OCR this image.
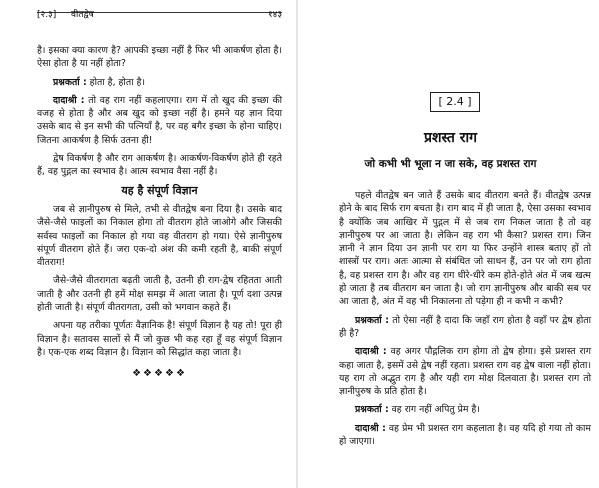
[२.३] वीतद्वेष	१४३

है। इसका क्या कारण है? आपकी इच्छा नहीं है फिर भी आकर्षण होता है। ऐसा होता है या नहीं होता?

प्रश्नकर्ता : होता है, होता है।

दादाश्री : तो वह राग नहीं कहलाएगा। राग में तो खुद की इच्छा की वजह से होता है और अब खुद को इच्छा नहीं है। हमने यह ज्ञान दिया उसके बाद से इन सभी की पत्नियाँ है, पर वह बगैर इच्छा के होना चाहिए। जितना आकर्षण है सिर्फ उतना ही!

द्वेष विकर्षण है और राग आकर्षण है। आकर्षण-विकर्षण होते ही रहते हैं, वह पुद्गल का स्वभाव है। आत्म स्वभाव वैसा नहीं है।

यह है संपूर्ण विज्ञान

जब से ज्ञानीपुरुष से मिले, तभी से वीतद्वेष बना दिया है। उसके बाद जैसे-जैसे फाइलों का निकाल होगा तो वीतराग होते जाओगे और जिसकी सर्वस्व फाइलों का निकाल हो गया वह वीतराग हो गया। ऐसे ज्ञानीपुरुष संपूर्ण वीतराग होते हैं। जरा एक-दो अंश की कमी रहती है, बाकी संपूर्ण वीतराग!

जैसे-जैसे वीतरागता बढ़ती जाती है, उतनी ही राग-द्वेष रहितता आती जाती है और उतनी ही हमें मोक्ष समझ में आता जाता है। पूर्ण दशा उत्पन्न होती जाती है। संपूर्ण वीतरागता, उसी को भगवान कहते हैं।

अपना यह तरीका पूर्णतः वैज्ञानिक है! संपूर्ण विज्ञान है यह तो! पूरा ही विज्ञान है। सतावस सालों से मैं जो कुछ भी कह रहा हूँ वह संपूर्ण विज्ञान है। एक-एक शब्द विज्ञान है। विज्ञान को सिद्धांत कहा जाता है।

❖❖❖❖❖
[ 2.4 ]
प्रशस्त राग
जो कभी भी भूला न जा सके, वह प्रशस्त राग

पहले वीतद्वेष बन जाते हैं उसके बाद वीतराग बनते हैं। वीतद्वेष उत्पन्न होने के बाद सिर्फ राग बचता है। राग बाद में ही जाता है, ऐसा उसका स्वभाव है क्योंकि जब आखिर में पुद्गल में से जब राग निकल जाता है तो वह ज्ञानीपुरुष पर आ जाता है। लेकिन वह राग भी कैसा? प्रशस्त राग। जिन ज्ञानी ने ज्ञान दिया उन ज्ञानी पर राग या फिर उन्होंने शास्त्र बताए हों तो शास्त्रों पर राग। अतः आत्मा से संबंधित जो साधन हैं, उन पर जो राग होता है, वह प्रशस्त राग है। और वह राग धीरे-धीरे कम होते-होते अंत में जब खत्म हो जाता है तब वीतराग बन जाता है। जो राग ज्ञानीपुरुष और बाकी सब पर आ जाता है, अंत में वह भी निकालना तो पड़ेगा ही न कभी न कभी?

प्रश्नकर्ता : तो ऐसा नहीं है दादा कि जहाँ राग होता है वहाँ पर द्वेष होता ही है?

दादाश्री : वह अगर पौद्गलिक राग होगा तो द्वेष होगा। इसे प्रशस्त राग कहा जाता है, इसमें उसे द्वेष नहीं रहता। प्रशस्त राग वह द्वेष वाला नहीं होता। यह राग तो अद्भुत राग है और यही राग मोक्ष दिलवाता है। प्रशस्त राग तो ज्ञानीपुरुष के प्रति होता है।

प्रश्नकर्ता : वह राग नहीं अपितु प्रेम है।

दादाश्री : वह प्रेम भी प्रशस्त राग कहलाता है। वह यदि हो गया तो काम हो जाएगा।
